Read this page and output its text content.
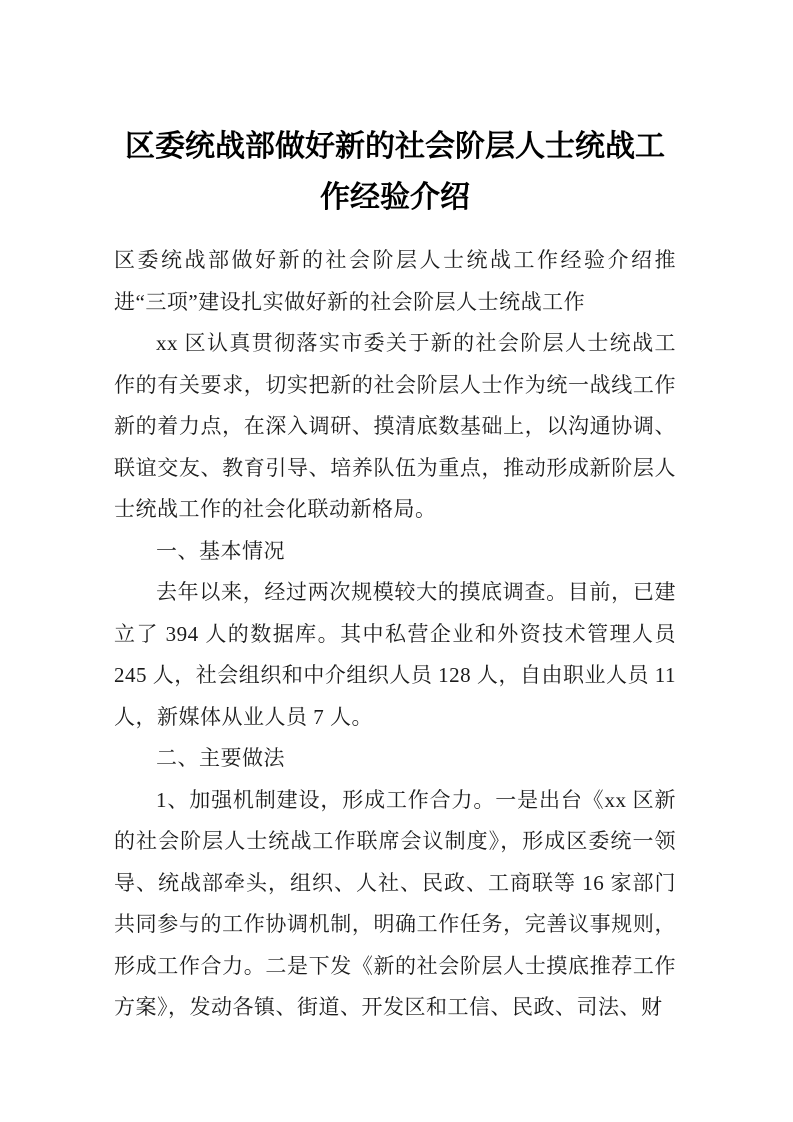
区委统战部做好新的社会阶层人士统战工作经验介绍

区委统战部做好新的社会阶层人士统战工作经验介绍推进“三项”建设扎实做好新的社会阶层人士统战工作

xx 区认真贯彻落实市委关于新的社会阶层人士统战工作的有关要求，切实把新的社会阶层人士作为统一战线工作新的着力点，在深入调研、摸清底数基础上，以沟通协调、联谊交友、教育引导、培养队伍为重点，推动形成新阶层人士统战工作的社会化联动新格局。

一、基本情况

去年以来，经过两次规模较大的摸底调查。目前，已建立了 394 人的数据库。其中私营企业和外资技术管理人员 245 人，社会组织和中介组织人员 128 人，自由职业人员 11 人，新媒体从业人员 7 人。

二、主要做法

1、加强机制建设，形成工作合力。一是出台《xx 区新的社会阶层人士统战工作联席会议制度》，形成区委统一领导、统战部牵头，组织、人社、民政、工商联等 16 家部门共同参与的工作协调机制，明确工作任务，完善议事规则，形成工作合力。二是下发《新的社会阶层人士摸底推荐工作方案》，发动各镇、街道、开发区和工信、民政、司法、财
